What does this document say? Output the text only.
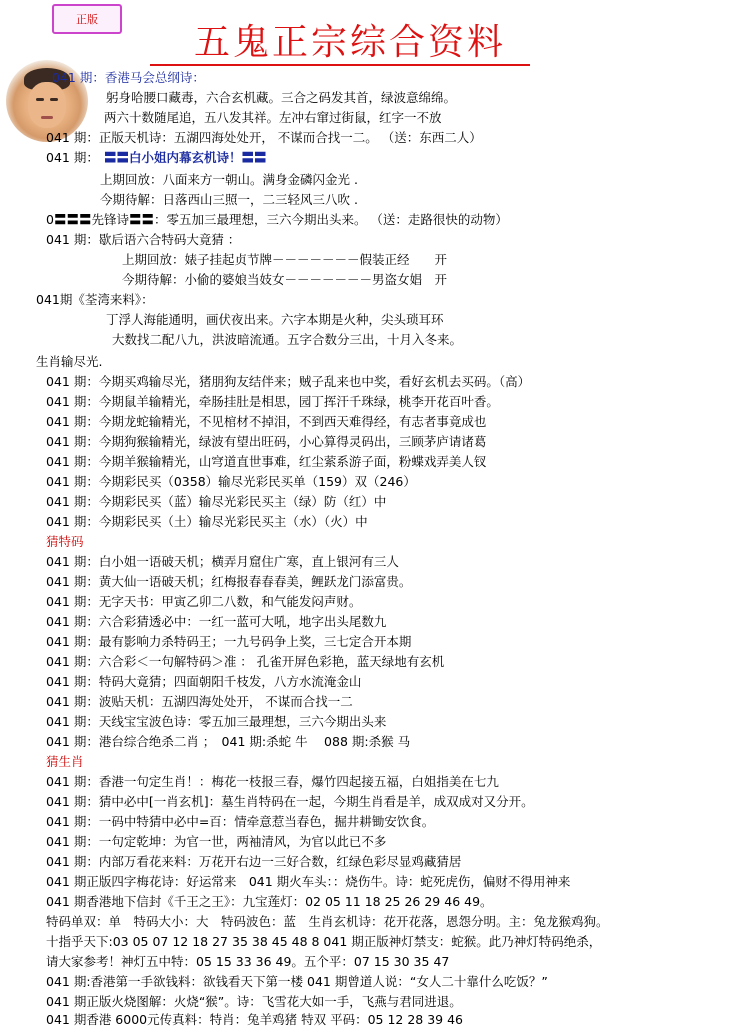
正版
五鬼正宗综合资料
041 期：香港马会总纲诗：
躬身哈腰口藏毒，六合玄机藏。三合之码发其首，绿波意绵绵。
两六十数随尾追，五八发其祥。左冲右窜过街鼠，红字一不放
041 期：正版天机诗：五湖四海处处开， 不谋而合找一二。 （送：东西二人）
041 期： 〓〓白小姐内幕玄机诗！〓〓
上期回放：八面来方一朝山。满身金磷闪金光 .
今期待解：日落西山三照一，二三轻风三八吹 .
0〓〓〓先锋诗〓〓：零五加三最理想，三六今期出头来。 （送：走路很快的动物）
041 期：歇后语六合特码大竟猜 ：
上期回放：婊子挂起贞节牌－－－－－－－假装正经　　开
今期待解：小偷的婆娘当妓女－－－－－－－男盗女娼　开
041期《荃湾来料》：
丁浮人海能通明，画伏夜出来。六字本期是火种，尖头琐耳环
大数找二配八九，洪波暗流通。五字合数分三出，十月入冬来。
生肖输尽光.
041 期：今期买鸡输尽光，猪朋狗友结伴来；贼子乱来也中奖，看好玄机去买码。（高）
041 期：今期鼠羊输精光，牵肠挂肚是相思，园丁挥汗千珠绿，桃李开花百叶香。
041 期：今期龙蛇输精光，不见棺材不掉泪，不到西天难得经，有志者事竟成也
041 期：今期狗猴输精光，绿波有望出旺码，小心算得灵码出，三顾茅庐请诸葛
041 期：今期羊猴输精光，山穹道直世事难，红尘萦系游子面，粉蝶戏弄美人钗
041 期：今期彩民买（0358）输尽光彩民买单（159）双（246）
041 期：今期彩民买（蓝）输尽光彩民买主（绿）防（红）中
041 期：今期彩民买（土）输尽光彩民买主（水）（火）中
猜特码
041 期：白小姐一语破天机；横弄月窟住广寒，直上银河有三人
041 期：黄大仙一语破天机；红梅报春春春美，鲤跃龙门添富贵。
041 期：无字天书：甲寅乙卯二八数，和气能发闷声财。
041 期：六合彩猜透必中：一红一蓝可大吼，地字出头尾数九
041 期：最有影响力杀特码王；一九号码争上奖，三七定合开本期
041 期：六合彩＜一句解特码＞准 ： 孔雀开屏色彩艳，蓝天绿地有玄机
041 期：特码大竟猜；四面朝阳千枝发，八方水流淹金山
041 期：波贴天机：五湖四海处处开， 不谋而合找一二
041 期：天线宝宝波色诗：零五加三最理想，三六今期出头来
041 期：港台综合绝杀二肖 ；　041 期:杀蛇 牛　 088 期:杀猴 马
猜生肖
041 期：香港一句定生肖！：梅花一枝报三春，爆竹四起接五福，白姐指美在七九
041 期：猜中必中[一肖玄机]：墓生肖特码在一起，今期生肖看是羊，成双成对又分开。
041 期：一码中特猜中必中=百：情牵意惹当春色，掘井耕锄安饮食。
041 期：一句定乾坤：为官一世，两袖清风，为官以此已不多
041 期：内部万看花来料：万花开右边一三好合数，红绿色彩尽显鸡藏猜居
041 期正版四字梅花诗：好运常来　041 期火车头：：烧伤牛。诗：蛇死虎伤，偏财不得用神来
041 期香港地下信封《千王之王》：九宝莲灯：02 05 11 18 25 26 29 46 49。
特码单双：单　特码大小：大　特码波色：蓝　生肖玄机诗：花开花落，恩怨分明。主：兔龙猴鸡狗。
十指乎天下:03 05 07 12 18 27 35 38 45 48 8 041 期正版神灯禁支：蛇猴。此乃神灯特码绝杀，
请大家参考！神灯五中特：05 15 33 36 49。五个平：07 15 30 35 47
041 期:香港第一手欲钱料：欲钱看天下第一楼 041 期曾道人说：“女人二十靠什么吃饭？”
041 期正版火烧图解：火烧“猴”。诗：飞雪花大如一手，飞燕与君同进退。
041 期香港 6000元传真料：特肖：兔羊鸡猪 特双 平码：05 12 28 39 46
